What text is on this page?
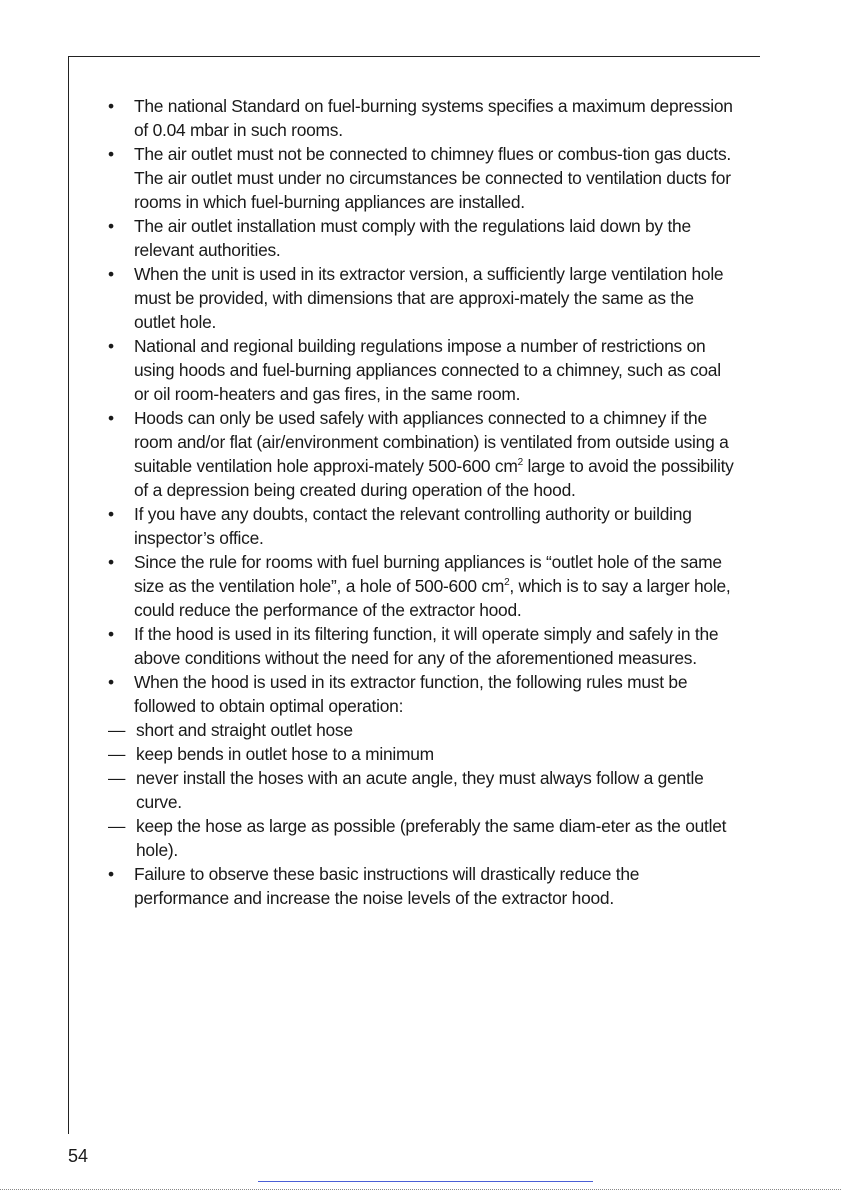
•	The national Standard on fuel-burning systems specifies a maximum depression of 0.04 mbar in such rooms.
•	The air outlet must not be connected to chimney flues or combus-tion gas ducts. The air outlet must under no circumstances be connected to ventilation ducts for rooms in which fuel-burning appliances are installed.
•	The air outlet installation must comply with the regulations laid down by the relevant authorities.
•	When the unit is used in its extractor version, a sufficiently large ventilation hole must be provided, with dimensions that are approxi-mately the same as the outlet hole.
•	National and regional building regulations impose a number of restrictions on using hoods and fuel-burning appliances connected to a chimney, such as coal or oil room-heaters and gas fires, in the same room.
•	Hoods can only be used safely with appliances connected to a chimney if the room and/or flat (air/environment combination) is ventilated from outside using a suitable ventilation hole approxi-mately 500-600 $cm^2$ large to avoid the possibility of a depression being created during operation of the hood.
•	If you have any doubts, contact the relevant controlling authority or building inspector’s office.
•	Since the rule for rooms with fuel burning appliances is “outlet hole of the same size as the ventilation hole”, a hole of 500-600 $cm^2$, which is to say a larger hole, could reduce the performance of the extractor hood.
•	If the hood is used in its filtering function, it will operate simply and safely in the above conditions without the need for any of the aforementioned measures.
•	When the hood is used in its extractor function, the following rules must be followed to obtain optimal operation:
— short and straight outlet hose
— keep bends in outlet hose to a minimum
— never install the hoses with an acute angle, they must always follow a gentle curve.
— keep the hose as large as possible (preferably the same diam-eter as the outlet hole).
•	Failure to observe these basic instructions will drastically reduce the performance and increase the noise levels of the extractor hood.
54
